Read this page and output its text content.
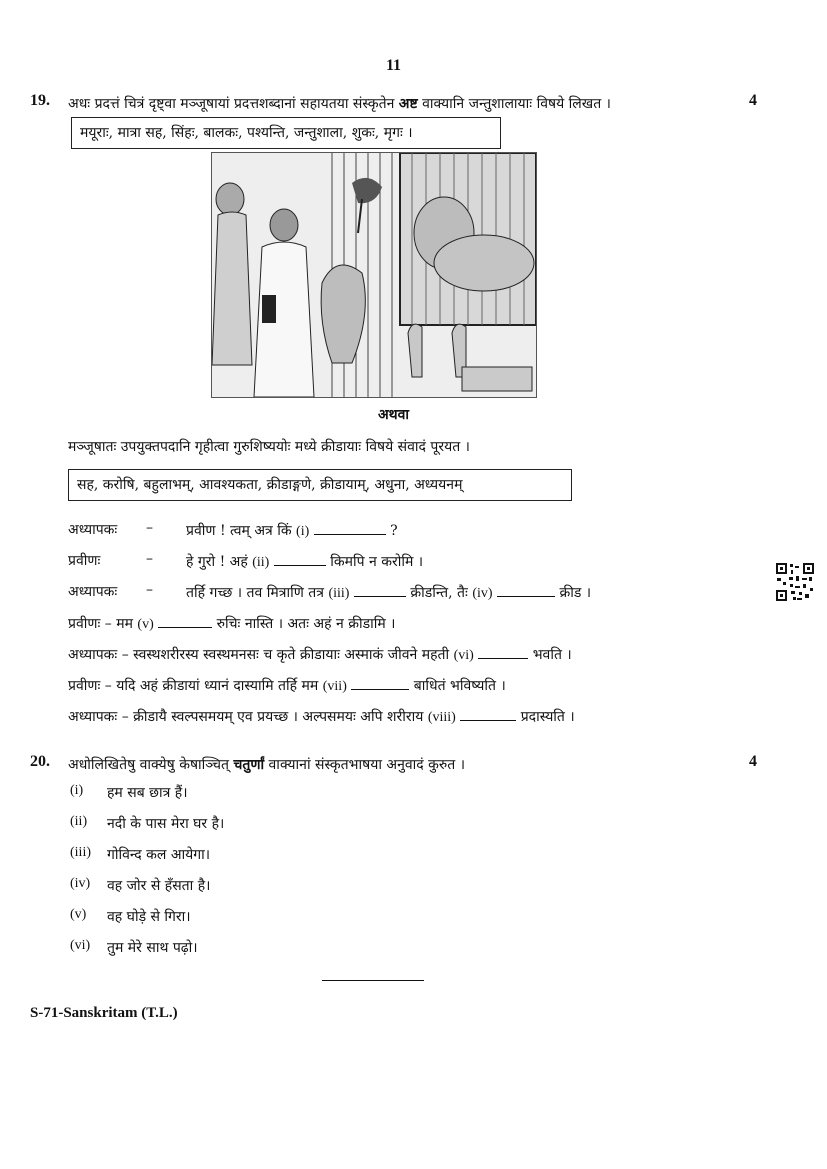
11
19. अधः प्रदत्तं चित्रं दृष्ट्वा मञ्जूषायां प्रदत्तशब्दानां सहायतया संस्कृतेन अष्ट वाक्यानि जन्तुशालायाः विषये लिखत ।	4
मयूराः, मात्रा सह, सिंहः, बालकः, पश्यन्ति, जन्तुशाला, शुकः, मृगः ।
अथवा
मञ्जूषातः उपयुक्तपदानि गृहीत्वा गुरुशिष्ययोः मध्ये क्रीडायाः विषये संवादं पूरयत ।
सह, करोषि, बहुलाभम्, आवश्यकता, क्रीडाङ्गणे, क्रीडायाम्, अधुना, अध्ययनम्
अध्यापकः – प्रवीण ! त्वम् अत्र किं (i)	?
प्रवीणः	– हे गुरो ! अहं (ii)	किमपि न करोमि ।
अध्यापकः – तर्हि गच्छ । तव मित्राणि तत्र (iii)	क्रीडन्ति, तैः (iv)	क्रीड ।
प्रवीणः – मम (v)	रुचिः नास्ति । अतः अहं न क्रीडामि ।
अध्यापकः – स्वस्थशरीरस्य स्वस्थमनसः च कृते क्रीडायाः अस्माकं जीवने महती (vi)	भवति ।
प्रवीणः – यदि अहं क्रीडायां ध्यानं दास्यामि तर्हि मम (vii)	बाधितं भविष्यति ।
अध्यापकः – क्रीडायै स्वल्पसमयम् एव प्रयच्छ । अल्पसमयः अपि शरीराय (viii)	प्रदास्यति ।
20. अधोलिखितेषु वाक्येषु केषाञ्चित् चतुर्णां वाक्यानां संस्कृतभाषया अनुवादं कुरुत ।	4
(i) हम सब छात्र हैं।
(ii) नदी के पास मेरा घर है।
(iii) गोविन्द कल आयेगा।
(iv) वह जोर से हँसता है।
(v) वह घोड़े से गिरा।
(vi) तुम मेरे साथ पढ़ो।
S-71-Sanskritam (T.L.)
